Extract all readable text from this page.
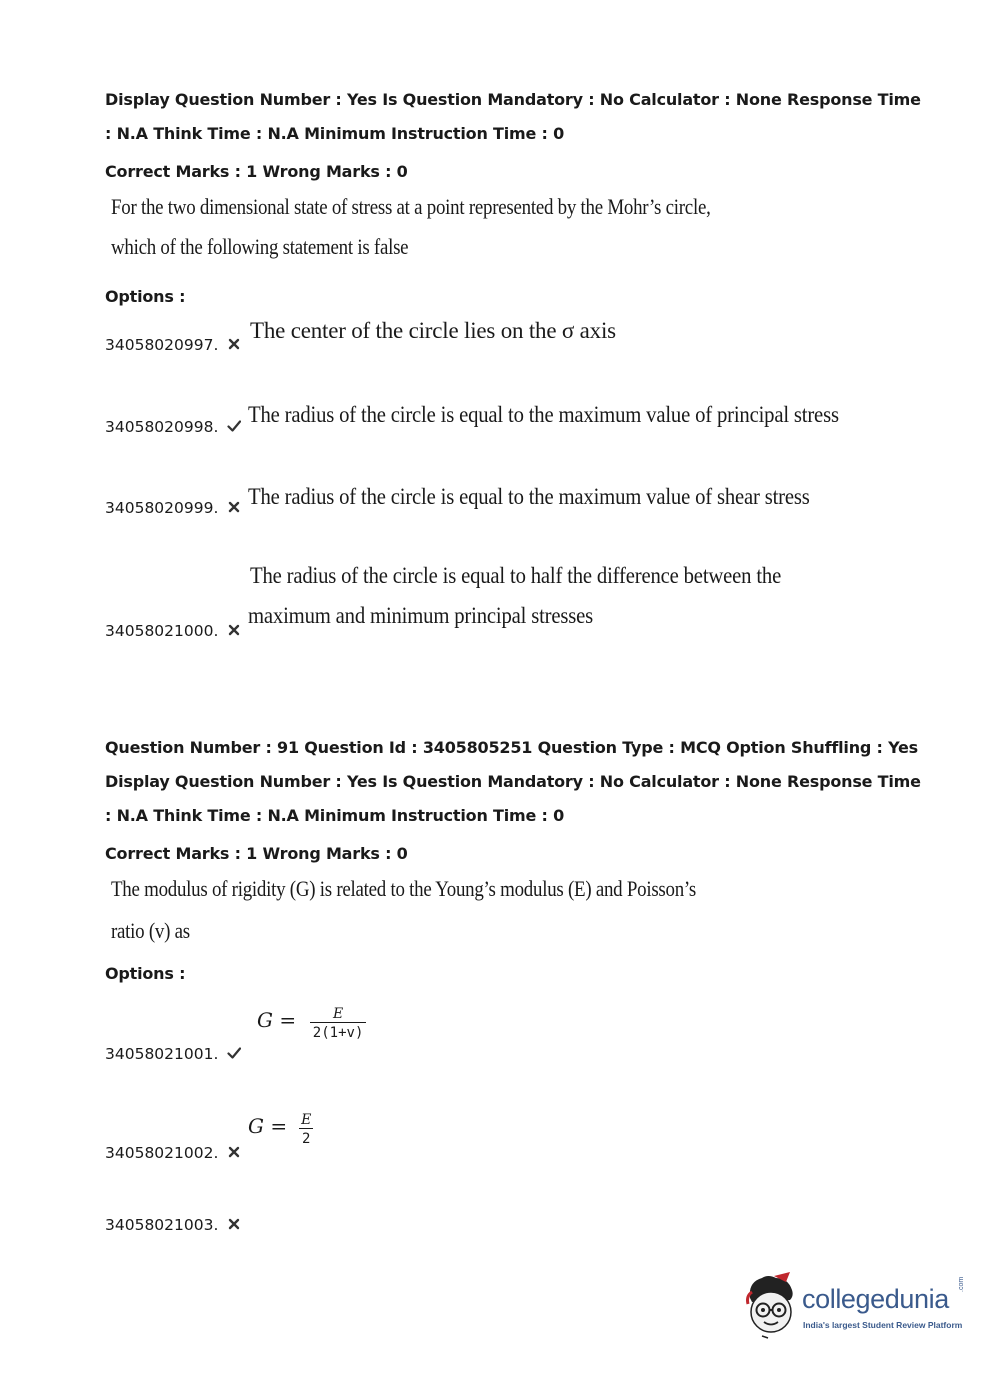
Display Question Number : Yes Is Question Mandatory : No Calculator : None Response Time
: N.A Think Time : N.A Minimum Instruction Time : 0
Correct Marks : 1 Wrong Marks : 0
For the two dimensional state of stress at a point represented by the Mohr’s circle,
which of the following statement is false
Options :
34058020997.
The center of the circle lies on the σ axis
34058020998.	The radius of the circle is equal to the maximum value of principal stress
34058020999.	The radius of the circle is equal to the maximum value of shear stress
The radius of the circle is equal to half the difference between the
maximum and minimum principal stresses
34058021000.
Question Number : 91 Question Id : 3405805251 Question Type : MCQ Option Shuffling : Yes
Display Question Number : Yes Is Question Mandatory : No Calculator : None Response Time
: N.A Think Time : N.A Minimum Instruction Time : 0
Correct Marks : 1 Wrong Marks : 0
The modulus of rigidity (G) is related to the Young’s modulus (E) and Poisson’s
ratio (v) as
Options :
$G = \frac{E}{2(1+v)}$
34058021001.
$G = \frac{E}{2}$
34058021002.
34058021003.
collegedunia .com
India's largest Student Review Platform
